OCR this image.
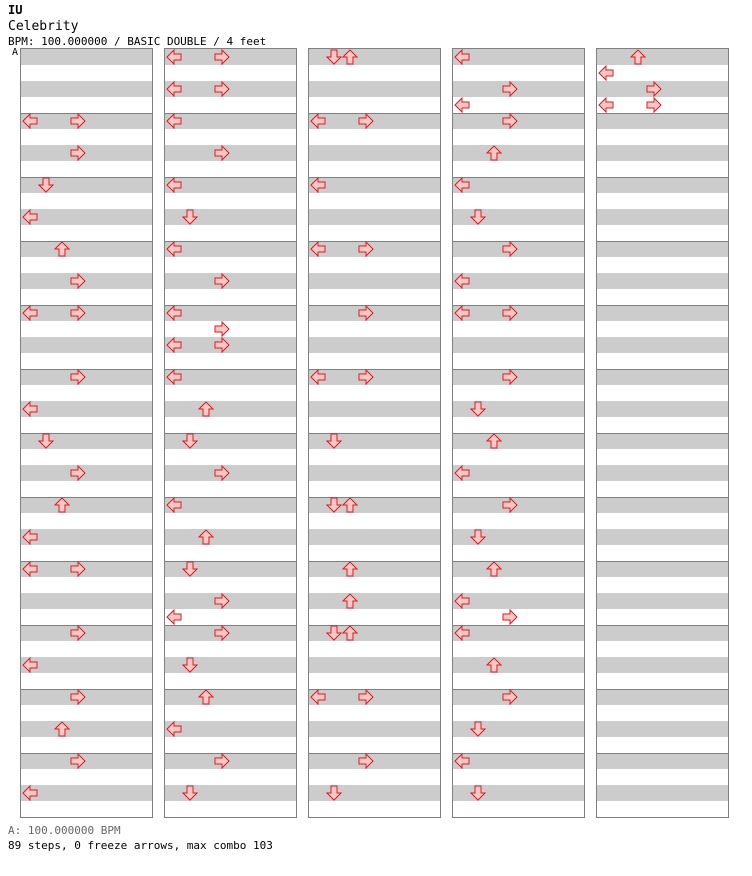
IU
Celebrity
BPM: 100.000000 / BASIC DOUBLE / 4 feet
A
A: 100.000000 BPM
89 steps, 0 freeze arrows, max combo 103
